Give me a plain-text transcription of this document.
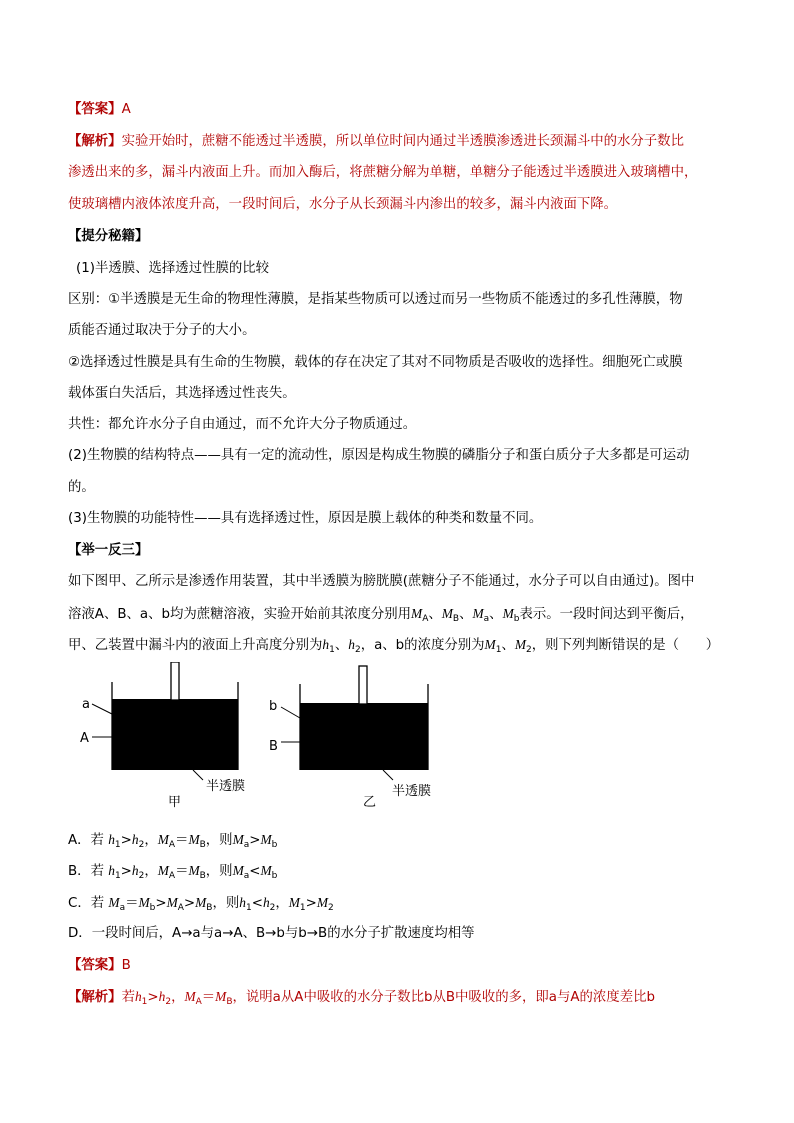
【答案】A
【解析】实验开始时，蔗糖不能透过半透膜，所以单位时间内通过半透膜渗透进长颈漏斗中的水分子数比
渗透出来的多，漏斗内液面上升。而加入酶后，将蔗糖分解为单糖，单糖分子能透过半透膜进入玻璃槽中，
使玻璃槽内液体浓度升高，一段时间后，水分子从长颈漏斗内渗出的较多，漏斗内液面下降。
【提分秘籍】
(1)半透膜、选择透过性膜的比较
区别：①半透膜是无生命的物理性薄膜，是指某些物质可以透过而另一些物质不能透过的多孔性薄膜，物
质能否通过取决于分子的大小。
②选择透过性膜是具有生命的生物膜，载体的存在决定了其对不同物质是否吸收的选择性。细胞死亡或膜
载体蛋白失活后，其选择透过性丧失。
共性：都允许水分子自由通过，而不允许大分子物质通过。
(2)生物膜的结构特点——具有一定的流动性，原因是构成生物膜的磷脂分子和蛋白质分子大多都是可运动
的。
(3)生物膜的功能特性——具有选择透过性，原因是膜上载体的种类和数量不同。
【举一反三】
如下图甲、乙所示是渗透作用装置，其中半透膜为膀胱膜(蔗糖分子不能通过，水分子可以自由通过)。图中
溶液A、B、a、b均为蔗糖溶液，实验开始前其浓度分别用$M_A$、$M_B$、$M_a$、$M_b$表示。一段时间达到平衡后，
甲、乙装置中漏斗内的液面上升高度分别为$h_1$、$h_2$，a、b的浓度分别为$M_1$、$M_2$，则下列判断错误的是（　　）
a
A
半透膜
甲
b
B
半透膜
乙
A．若 $h_1>h_2$，$M_A=M_B$，则$M_a>M_b$
B．若 $h_1>h_2$，$M_A=M_B$，则$M_a<M_b$
C．若 $M_a=M_b>M_A>M_B$，则$h_1<h_2$，$M_1>M_2$
D．一段时间后，A→a与a→A、B→b与b→B的水分子扩散速度均相等
【答案】B
【解析】若$h_1>h_2$，$M_A=M_B$，说明a从A中吸收的水分子数比b从B中吸收的多，即a与A的浓度差比b
